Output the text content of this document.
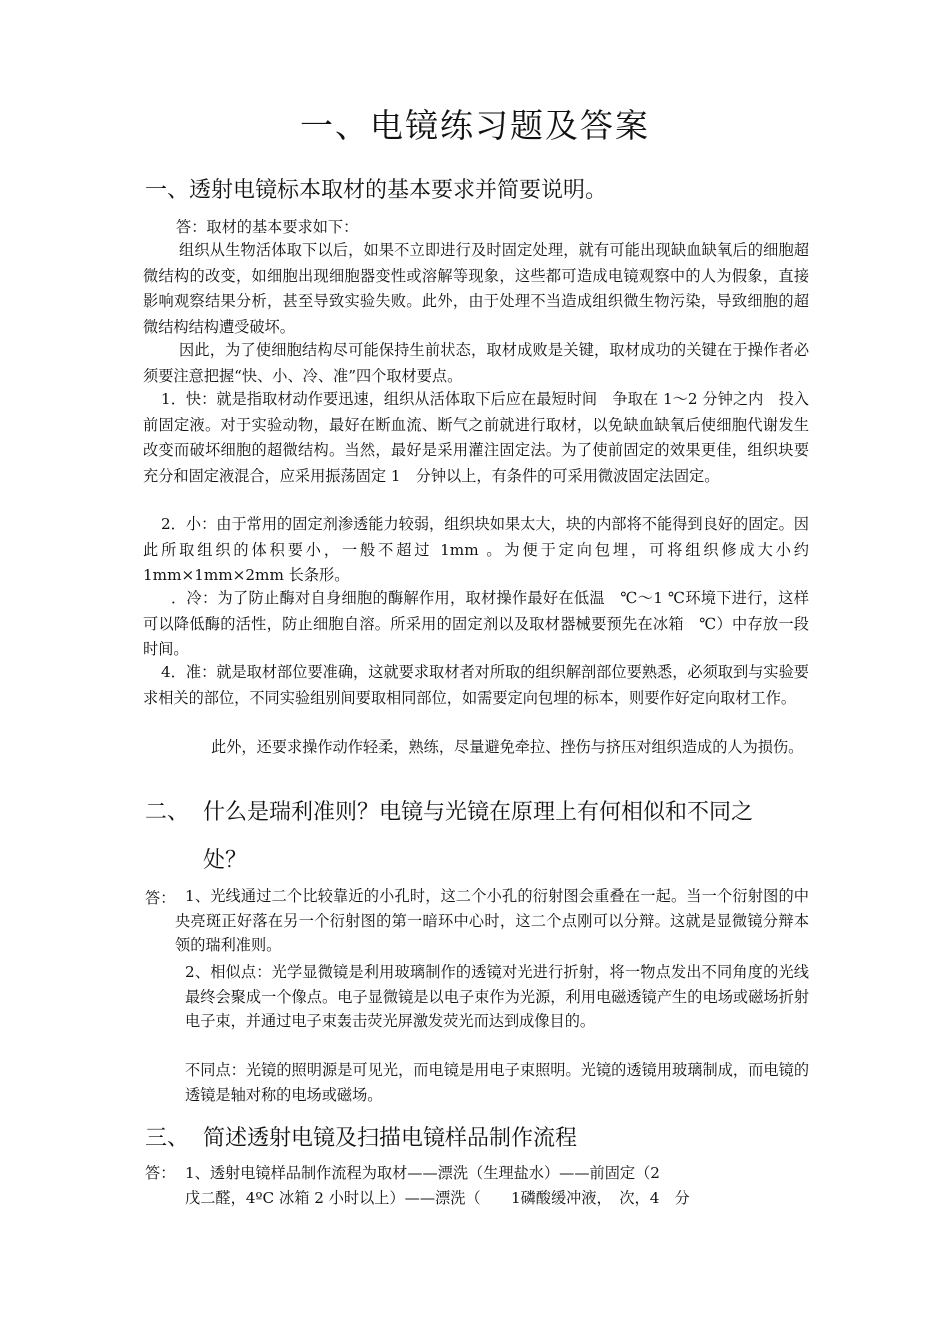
一、电镜练习题及答案
一、透射电镜标本取材的基本要求并简要说明。

答：取材的基本要求如下：

组织从生物活体取下以后，如果不立即进行及时固定处理，就有可能出现缺血缺氧后的细胞超微结构的改变，如细胞出现细胞器变性或溶解等现象，这些都可造成电镜观察中的人为假象，直接影响观察结果分析，甚至导致实验失败。此外，由于处理不当造成组织微生物污染，导致细胞的超微结构结构遭受破坏。

因此，为了使细胞结构尽可能保持生前状态，取材成败是关键，取材成功的关键在于操作者必须要注意把握“快、小、冷、准”四个取材要点。

1．快：就是指取材动作要迅速，组织从活体取下后应在最短时间　争取在 1～2 分钟之内　投入前固定液。对于实验动物，最好在断血流、断气之前就进行取材，以免缺血缺氧后使细胞代谢发生改变而破坏细胞的超微结构。当然，最好是采用灌注固定法。为了使前固定的效果更佳，组织块要充分和固定液混合，应采用振荡固定 1　分钟以上，有条件的可采用微波固定法固定。

2．小：由于常用的固定剂渗透能力较弱，组织块如果太大，块的内部将不能得到良好的固定。因此所取组织的体积要小，一般不超过 1mm 。为便于定向包埋，可将组织修成大小约 1mm×1mm×2mm 长条形。

．冷：为了防止酶对自身细胞的酶解作用，取材操作最好在低温　℃～1 ℃环境下进行，这样可以降低酶的活性，防止细胞自溶。所采用的固定剂以及取材器械要预先在冰箱　℃）中存放一段时间。

4．准：就是取材部位要准确，这就要求取材者对所取的组织解剖部位要熟悉，必须取到与实验要求相关的部位，不同实验组别间要取相同部位，如需要定向包埋的标本，则要作好定向取材工作。

此外，还要求操作动作轻柔，熟练，尽量避免牵拉、挫伤与挤压对组织造成的人为损伤。

二、 什么是瑞利准则？电镜与光镜在原理上有何相似和不同之
处？

答： 1、光线通过二个比较靠近的小孔时，这二个小孔的衍射图会重叠在一起。当一个衍射图的中央亮斑正好落在另一个衍射图的第一暗环中心时，这二个点刚可以分辩。这就是显微镜分辩本领的瑞利准则。

2、相似点：光学显微镜是利用玻璃制作的透镜对光进行折射，将一物点发出不同角度的光线最终会聚成一个像点。电子显微镜是以电子束作为光源，利用电磁透镜产生的电场或磁场折射电子束，并通过电子束轰击荧光屏激发荧光而达到成像目的。

不同点：光镜的照明源是可见光，而电镜是用电子束照明。光镜的透镜用玻璃制成，而电镜的透镜是轴对称的电场或磁场。

三、 简述透射电镜及扫描电镜样品制作流程

答： 1、透射电镜样品制作流程为取材——漂洗（生理盐水）——前固定（2

戊二醛，4ºC 冰箱 2 小时以上）——漂洗（　　1磷酸缓冲液，　次，4　分
